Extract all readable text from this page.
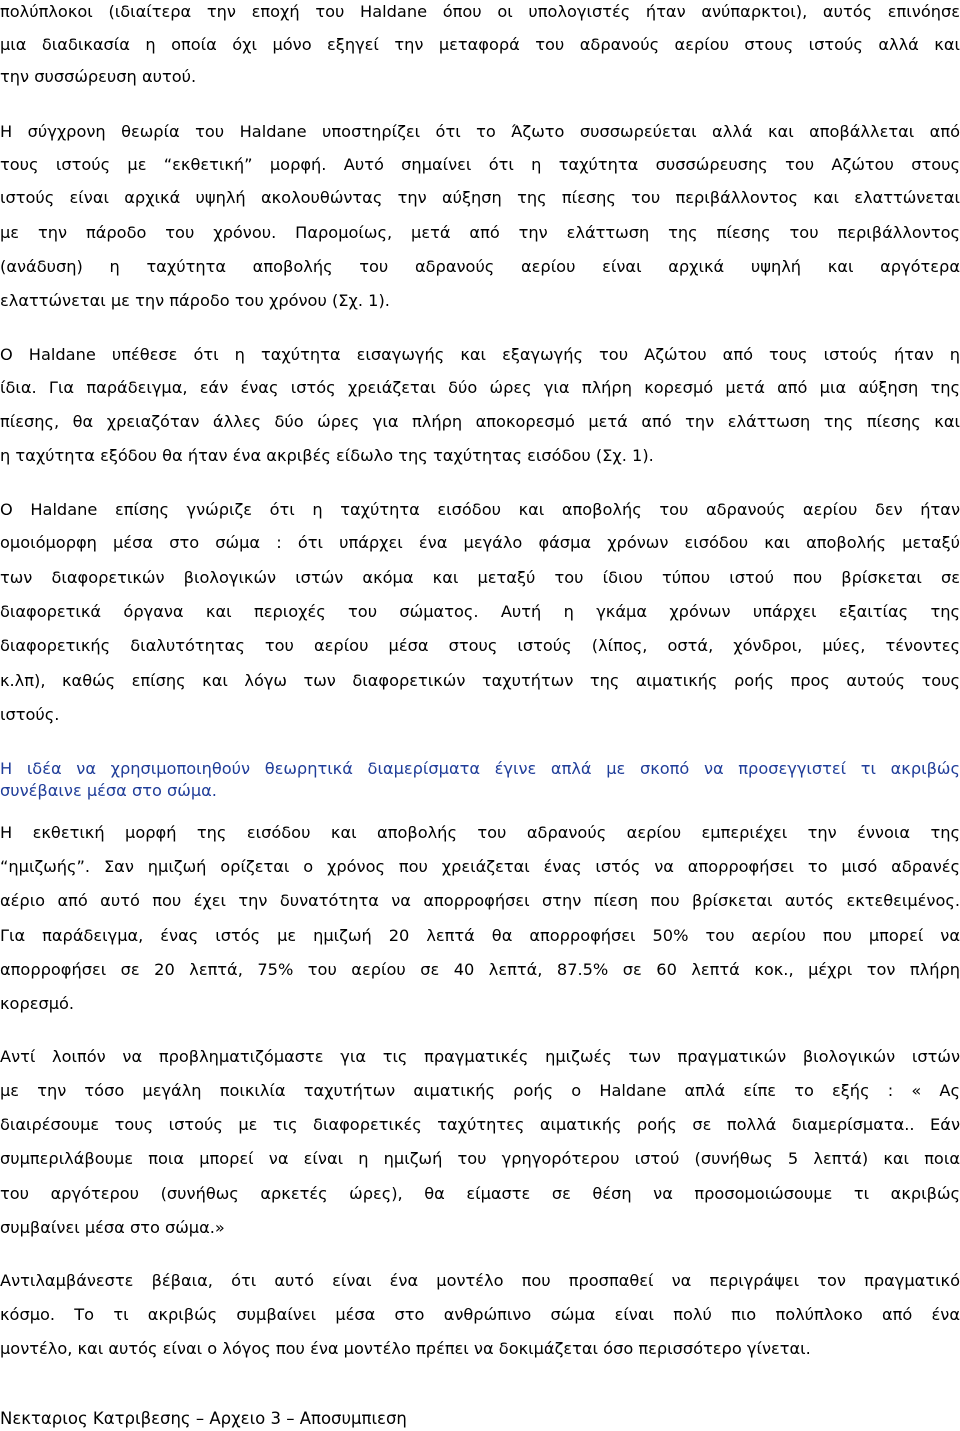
πολύπλοκοι (ιδιαίτερα την εποχή του Haldane όπου οι υπολογιστές ήταν ανύπαρκτοι), αυτός επινόησε
μια διαδικασία η οποία όχι μόνο εξηγεί την μεταφορά του αδρανούς αερίου στους ιστούς αλλά και
την συσσώρευση αυτού.
Η σύγχρονη θεωρία του Haldane υποστηρίζει ότι το Άζωτο συσσωρεύεται αλλά και αποβάλλεται από
τους ιστούς με “εκθετική” μορφή. Αυτό σημαίνει ότι η ταχύτητα συσσώρευσης του Αζώτου στους
ιστούς είναι αρχικά υψηλή ακολουθώντας την αύξηση της πίεσης του περιβάλλοντος και ελαττώνεται
με την πάροδο του χρόνου. Παρομοίως, μετά από την ελάττωση της πίεσης του περιβάλλοντος
(ανάδυση) η ταχύτητα αποβολής του αδρανούς αερίου είναι αρχικά υψηλή και αργότερα
ελαττώνεται με την πάροδο του χρόνου (Σχ. 1).
Ο Haldane υπέθεσε ότι η ταχύτητα εισαγωγής και εξαγωγής του Αζώτου από τους ιστούς ήταν η
ίδια. Για παράδειγμα, εάν ένας ιστός χρειάζεται δύο ώρες για πλήρη κορεσμό μετά από μια αύξηση της
πίεσης, θα χρειαζόταν άλλες δύο ώρες για πλήρη αποκορεσμό μετά από την ελάττωση της πίεσης και
η ταχύτητα εξόδου θα ήταν ένα ακριβές είδωλο της ταχύτητας εισόδου (Σχ. 1).
Ο Haldane επίσης γνώριζε ότι η ταχύτητα εισόδου και αποβολής του αδρανούς αερίου δεν ήταν
ομοιόμορφη μέσα στο σώμα : ότι υπάρχει ένα μεγάλο φάσμα χρόνων εισόδου και αποβολής μεταξύ
των διαφορετικών βιολογικών ιστών ακόμα και μεταξύ του ίδιου τύπου ιστού που βρίσκεται σε
διαφορετικά όργανα και περιοχές του σώματος. Αυτή η γκάμα χρόνων υπάρχει εξαιτίας της
διαφορετικής διαλυτότητας του αερίου μέσα στους ιστούς (λίπος, οστά, χόνδροι, μύες, τένοντες
κ.λπ), καθώς επίσης και λόγω των διαφορετικών ταχυτήτων της αιματικής ροής προς αυτούς τους
ιστούς.
Η ιδέα να χρησιμοποιηθούν θεωρητικά διαμερίσματα έγινε απλά με σκοπό να προσεγγιστεί τι ακριβώς
συνέβαινε μέσα στο σώμα.
Η εκθετική μορφή της εισόδου και αποβολής του αδρανούς αερίου εμπεριέχει την έννοια της
“ημιζωής”. Σαν ημιζωή ορίζεται ο χρόνος που χρειάζεται ένας ιστός να απορροφήσει το μισό αδρανές
αέριο από αυτό που έχει την δυνατότητα να απορροφήσει στην πίεση που βρίσκεται αυτός εκτεθειμένος.
Για παράδειγμα, ένας ιστός με ημιζωή 20 λεπτά θα απορροφήσει 50% του αερίου που μπορεί να
απορροφήσει σε 20 λεπτά, 75% του αερίου σε 40 λεπτά, 87.5% σε 60 λεπτά κοκ., μέχρι τον πλήρη
κορεσμό.
Αντί λοιπόν να προβληματιζόμαστε για τις πραγματικές ημιζωές των πραγματικών βιολογικών ιστών
με την τόσο μεγάλη ποικιλία ταχυτήτων αιματικής ροής ο Haldane απλά είπε το εξής : « Ας
διαιρέσουμε τους ιστούς με τις διαφορετικές ταχύτητες αιματικής ροής σε πολλά διαμερίσματα.. Εάν
συμπεριλάβουμε ποια μπορεί να είναι η ημιζωή του γρηγορότερου ιστού (συνήθως 5 λεπτά) και ποια
του αργότερου (συνήθως αρκετές ώρες), θα είμαστε σε θέση να προσομοιώσουμε τι ακριβώς
συμβαίνει μέσα στο σώμα.»
Αντιλαμβάνεστε βέβαια, ότι αυτό είναι ένα μοντέλο που προσπαθεί να περιγράψει τον πραγματικό
κόσμο. Το τι ακριβώς συμβαίνει μέσα στο ανθρώπινο σώμα είναι πολύ πιο πολύπλοκο από ένα
μοντέλο, και αυτός είναι ο λόγος που ένα μοντέλο πρέπει να δοκιμάζεται όσο περισσότερο γίνεται.
Νεκταριος Κατριβεσης – Αρχειο 3 – Αποσυμπιεση
